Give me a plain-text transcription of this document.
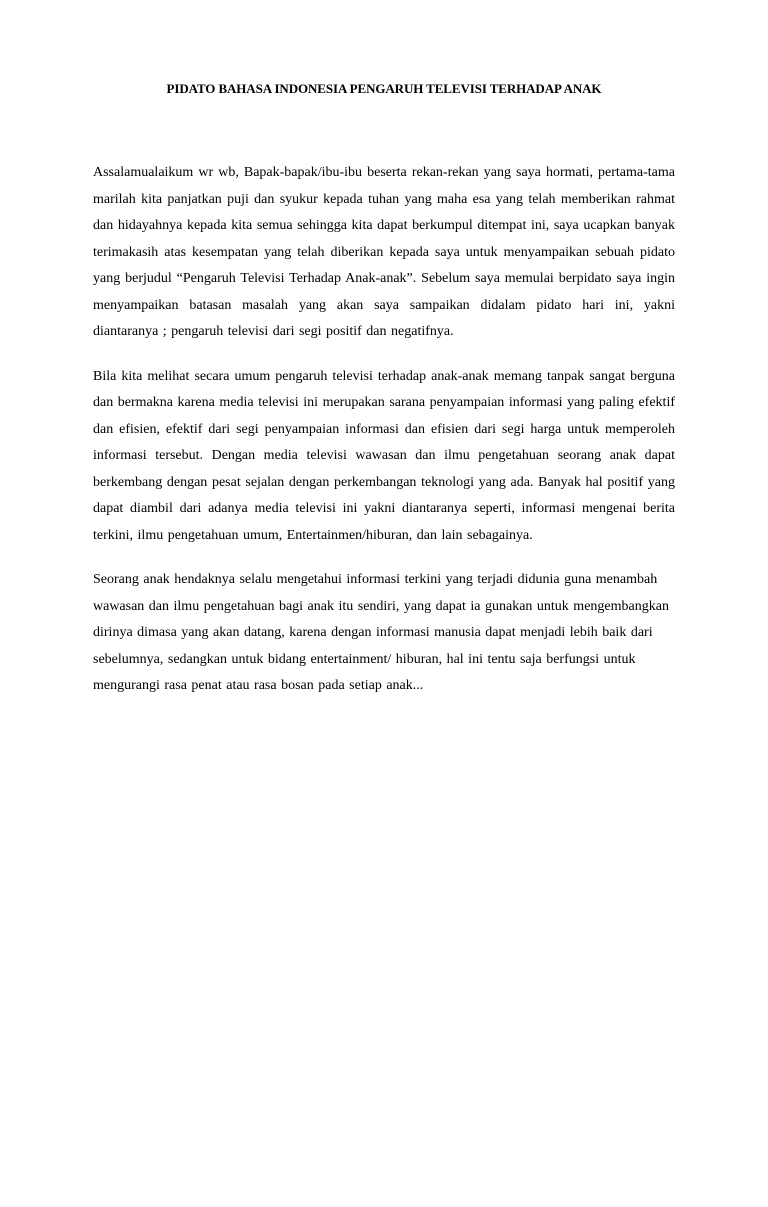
PIDATO BAHASA INDONESIA PENGARUH TELEVISI TERHADAP ANAK

Assalamualaikum wr wb, Bapak-bapak/ibu-ibu beserta rekan-rekan yang saya hormati, pertama-tama marilah kita panjatkan puji dan syukur kepada tuhan yang maha esa yang telah memberikan rahmat dan hidayahnya kepada kita semua sehingga kita dapat berkumpul ditempat ini, saya ucapkan banyak terimakasih atas kesempatan yang telah diberikan kepada saya untuk menyampaikan sebuah pidato yang berjudul “Pengaruh Televisi Terhadap Anak-anak”. Sebelum saya memulai berpidato saya ingin menyampaikan batasan masalah yang akan saya sampaikan didalam pidato hari ini, yakni diantaranya ; pengaruh televisi dari segi positif dan negatifnya.

Bila kita melihat secara umum pengaruh televisi terhadap anak-anak memang tanpak sangat berguna dan bermakna karena media televisi ini merupakan sarana penyampaian informasi yang paling efektif dan efisien, efektif dari segi penyampaian informasi dan efisien dari segi harga untuk memperoleh informasi tersebut. Dengan media televisi wawasan dan ilmu pengetahuan seorang anak dapat berkembang dengan pesat sejalan dengan perkembangan teknologi yang ada. Banyak hal positif yang dapat diambil dari adanya media televisi ini yakni diantaranya seperti, informasi mengenai berita terkini, ilmu pengetahuan umum, Entertainmen/hiburan, dan lain sebagainya.

Seorang anak hendaknya selalu mengetahui informasi terkini yang terjadi didunia guna menambah wawasan dan ilmu pengetahuan bagi anak itu sendiri, yang dapat ia gunakan untuk mengembangkan dirinya dimasa yang akan datang, karena dengan informasi manusia dapat menjadi lebih baik dari sebelumnya, sedangkan untuk bidang entertainment/ hiburan, hal ini tentu saja berfungsi untuk mengurangi rasa penat atau rasa bosan pada setiap anak...
